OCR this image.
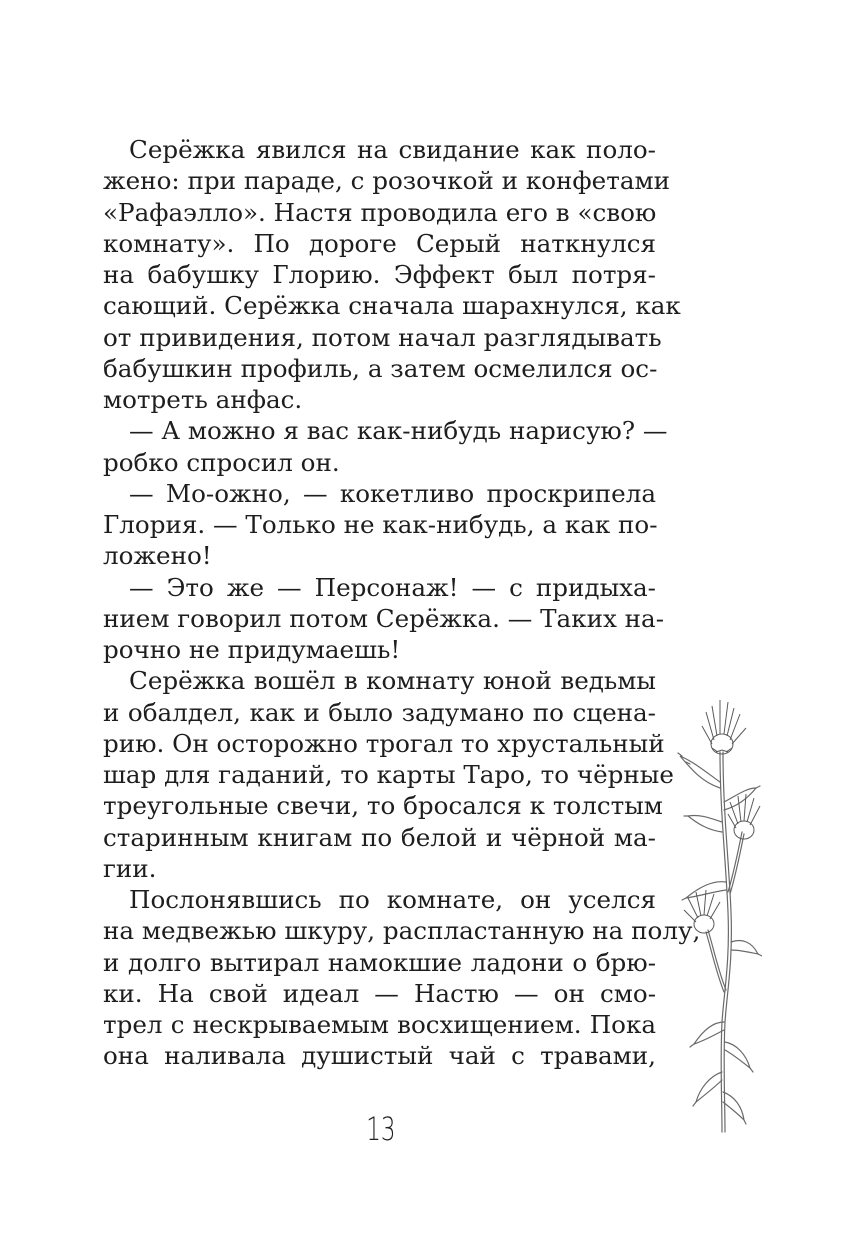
Серёжка явился на свидание как поло-
жено: при параде, с розочкой и конфетами
«Рафаэлло». Настя проводила его в «свою
комнату». По дороге Серый наткнулся
на бабушку Глорию. Эффект был потря-
сающий. Серёжка сначала шарахнулся, как
от привидения, потом начал разглядывать
бабушкин профиль, а затем осмелился ос-
мотреть анфас.
— А можно я вас как-нибудь нарисую? —
робко спросил он.
— Мо-ожно, — кокетливо проскрипела
Глория. — Только не как-нибудь, а как по-
ложено!
— Это же — Персонаж! — с придыха-
нием говорил потом Серёжка. — Таких на-
рочно не придумаешь!
Серёжка вошёл в комнату юной ведьмы
и обалдел, как и было задумано по сцена-
рию. Он осторожно трогал то хрустальный
шар для гаданий, то карты Таро, то чёрные
треугольные свечи, то бросался к толстым
старинным книгам по белой и чёрной ма-
гии.
Послонявшись по комнате, он уселся
на медвежью шкуру, распластанную на полу,
и долго вытирал намокшие ладони о брю-
ки. На свой идеал — Настю — он смо-
трел с нескрываемым восхищением. Пока
она наливала душистый чай с травами,
13
